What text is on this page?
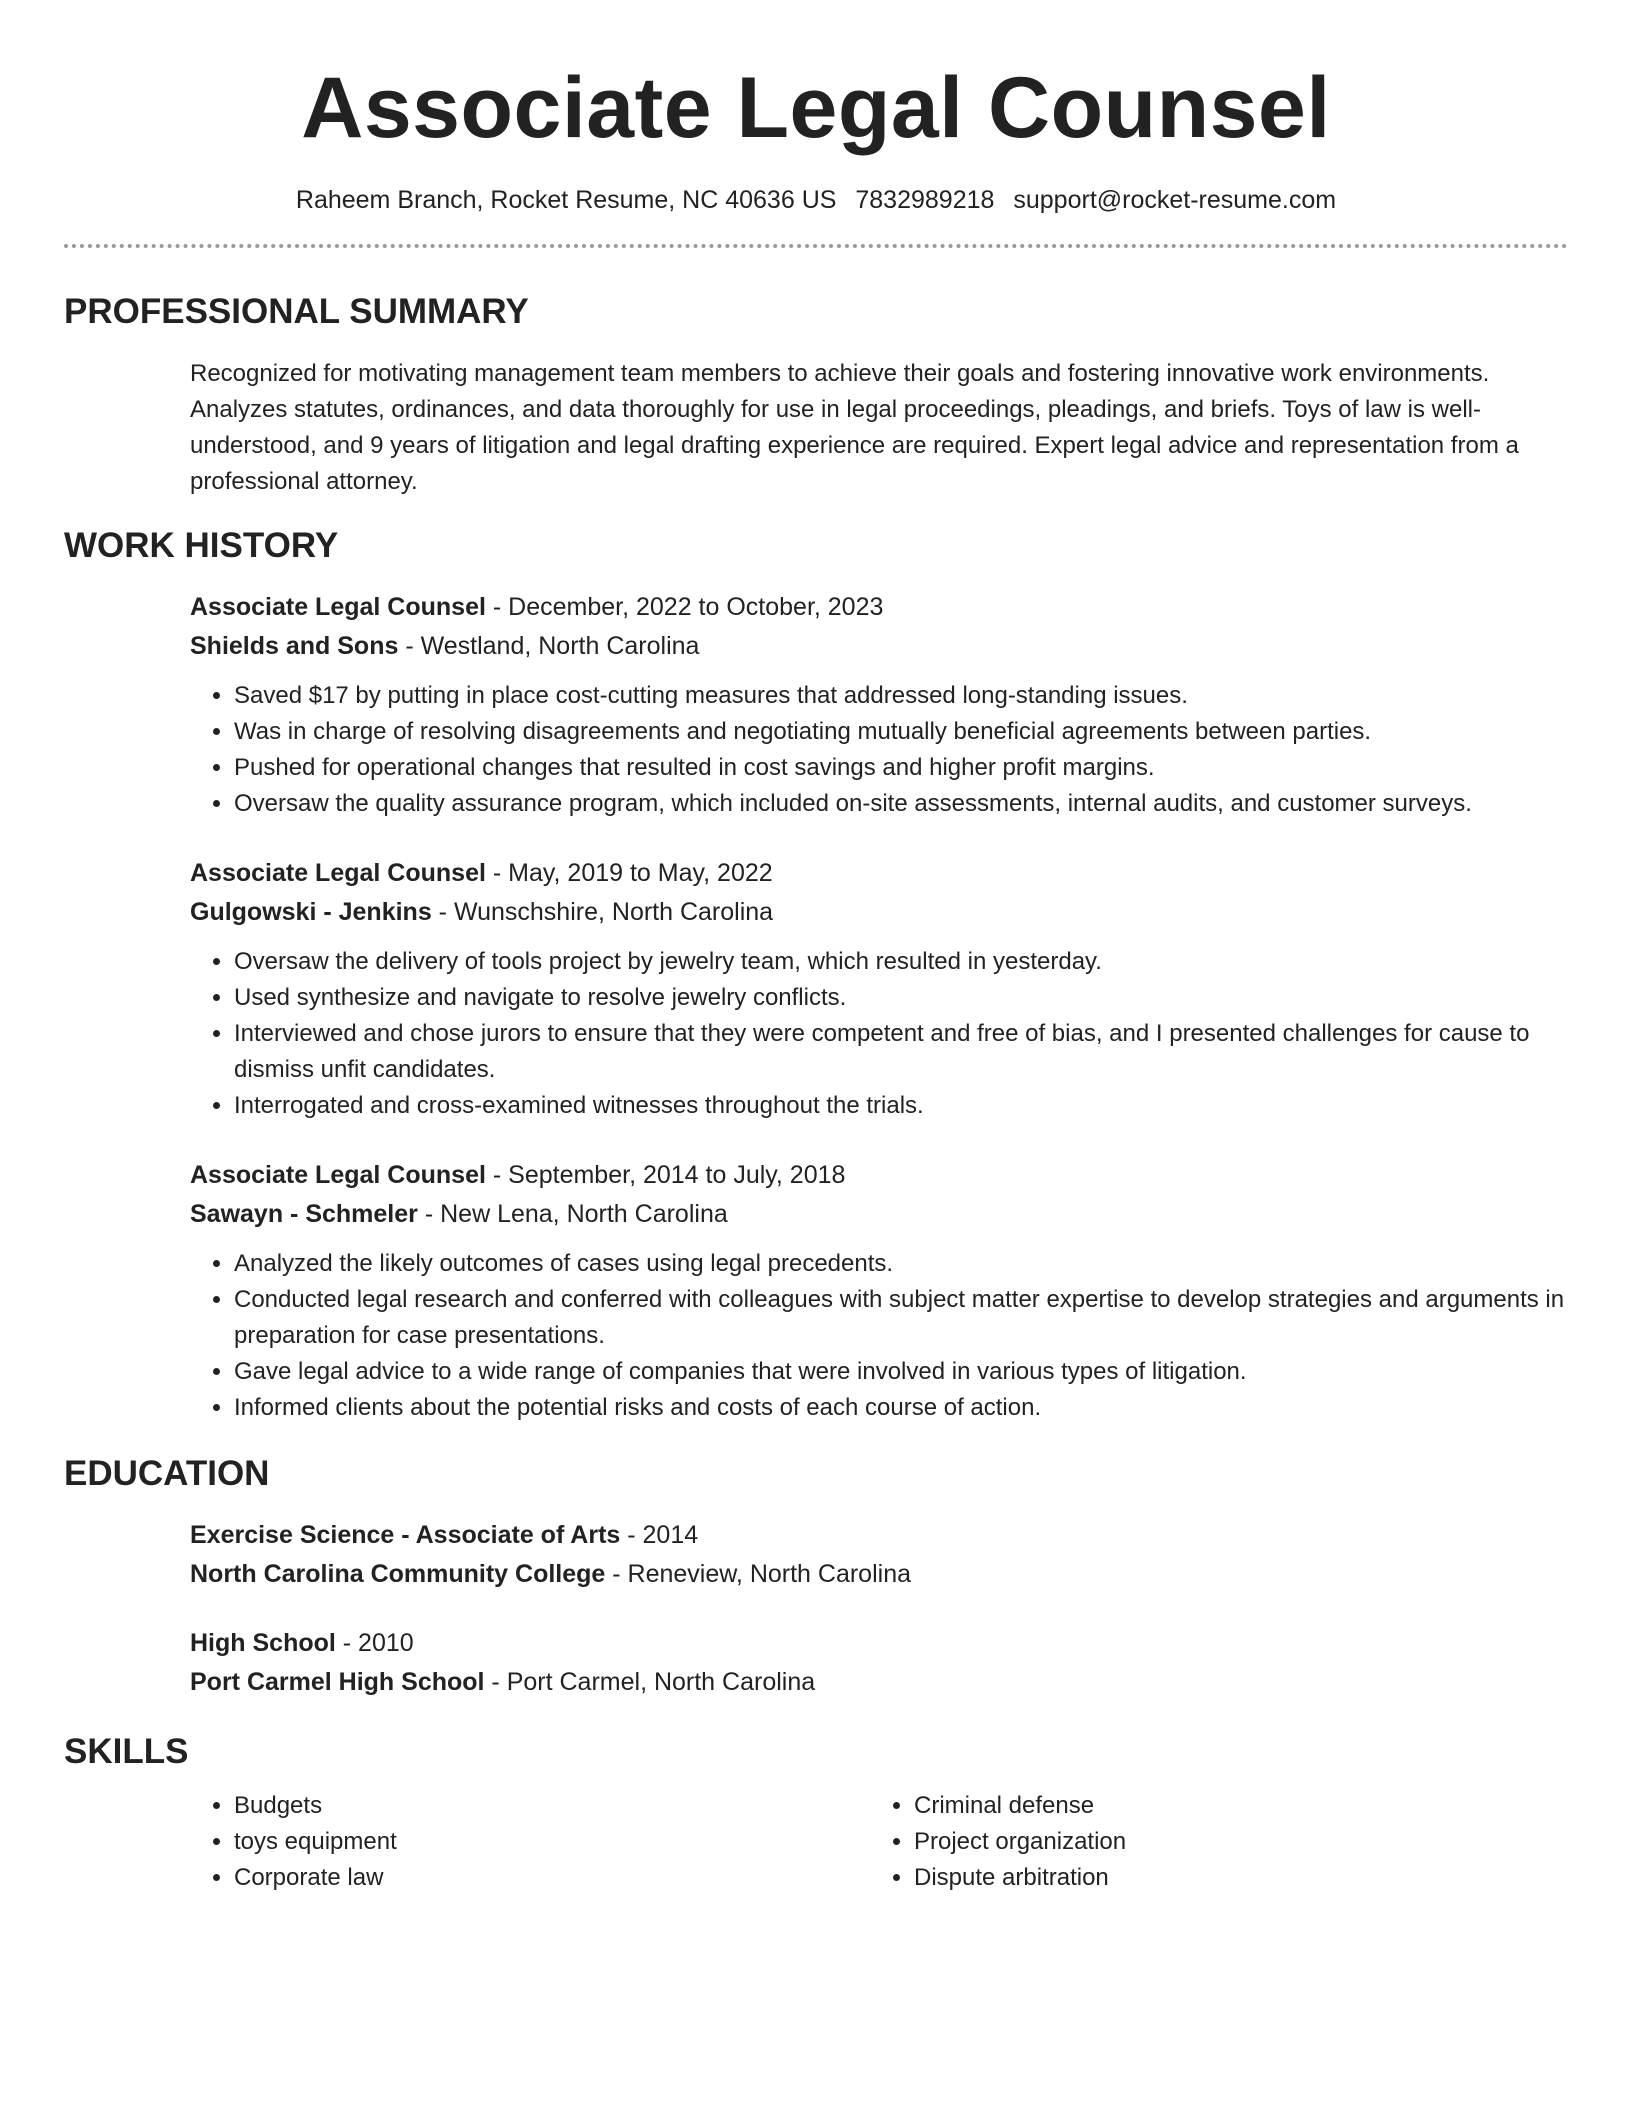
Associate Legal Counsel
Raheem Branch, Rocket Resume, NC 40636 US 7832989218 support@rocket-resume.com
PROFESSIONAL SUMMARY

Recognized for motivating management team members to achieve their goals and fostering innovative work environments. Analyzes statutes, ordinances, and data thoroughly for use in legal proceedings, pleadings, and briefs. Toys of law is well-understood, and 9 years of litigation and legal drafting experience are required. Expert legal advice and representation from a professional attorney.

WORK HISTORY
Associate Legal Counsel - December, 2022 to October, 2023
Shields and Sons - Westland, North Carolina
• Saved $17 by putting in place cost-cutting measures that addressed long-standing issues.
• Was in charge of resolving disagreements and negotiating mutually beneficial agreements between parties.
• Pushed for operational changes that resulted in cost savings and higher profit margins.
• Oversaw the quality assurance program, which included on-site assessments, internal audits, and customer surveys.
Associate Legal Counsel - May, 2019 to May, 2022
Gulgowski - Jenkins - Wunschshire, North Carolina
• Oversaw the delivery of tools project by jewelry team, which resulted in yesterday.
• Used synthesize and navigate to resolve jewelry conflicts.
• Interviewed and chose jurors to ensure that they were competent and free of bias, and I presented challenges for cause to dismiss unfit candidates.
• Interrogated and cross-examined witnesses throughout the trials.
Associate Legal Counsel - September, 2014 to July, 2018
Sawayn - Schmeler - New Lena, North Carolina
• Analyzed the likely outcomes of cases using legal precedents.
• Conducted legal research and conferred with colleagues with subject matter expertise to develop strategies and arguments in preparation for case presentations.
• Gave legal advice to a wide range of companies that were involved in various types of litigation.
• Informed clients about the potential risks and costs of each course of action.
EDUCATION
Exercise Science - Associate of Arts - 2014
North Carolina Community College - Reneview, North Carolina
High School - 2010
Port Carmel High School - Port Carmel, North Carolina
SKILLS
• Budgets
• toys equipment
• Corporate law
• Criminal defense
• Project organization
• Dispute arbitration
